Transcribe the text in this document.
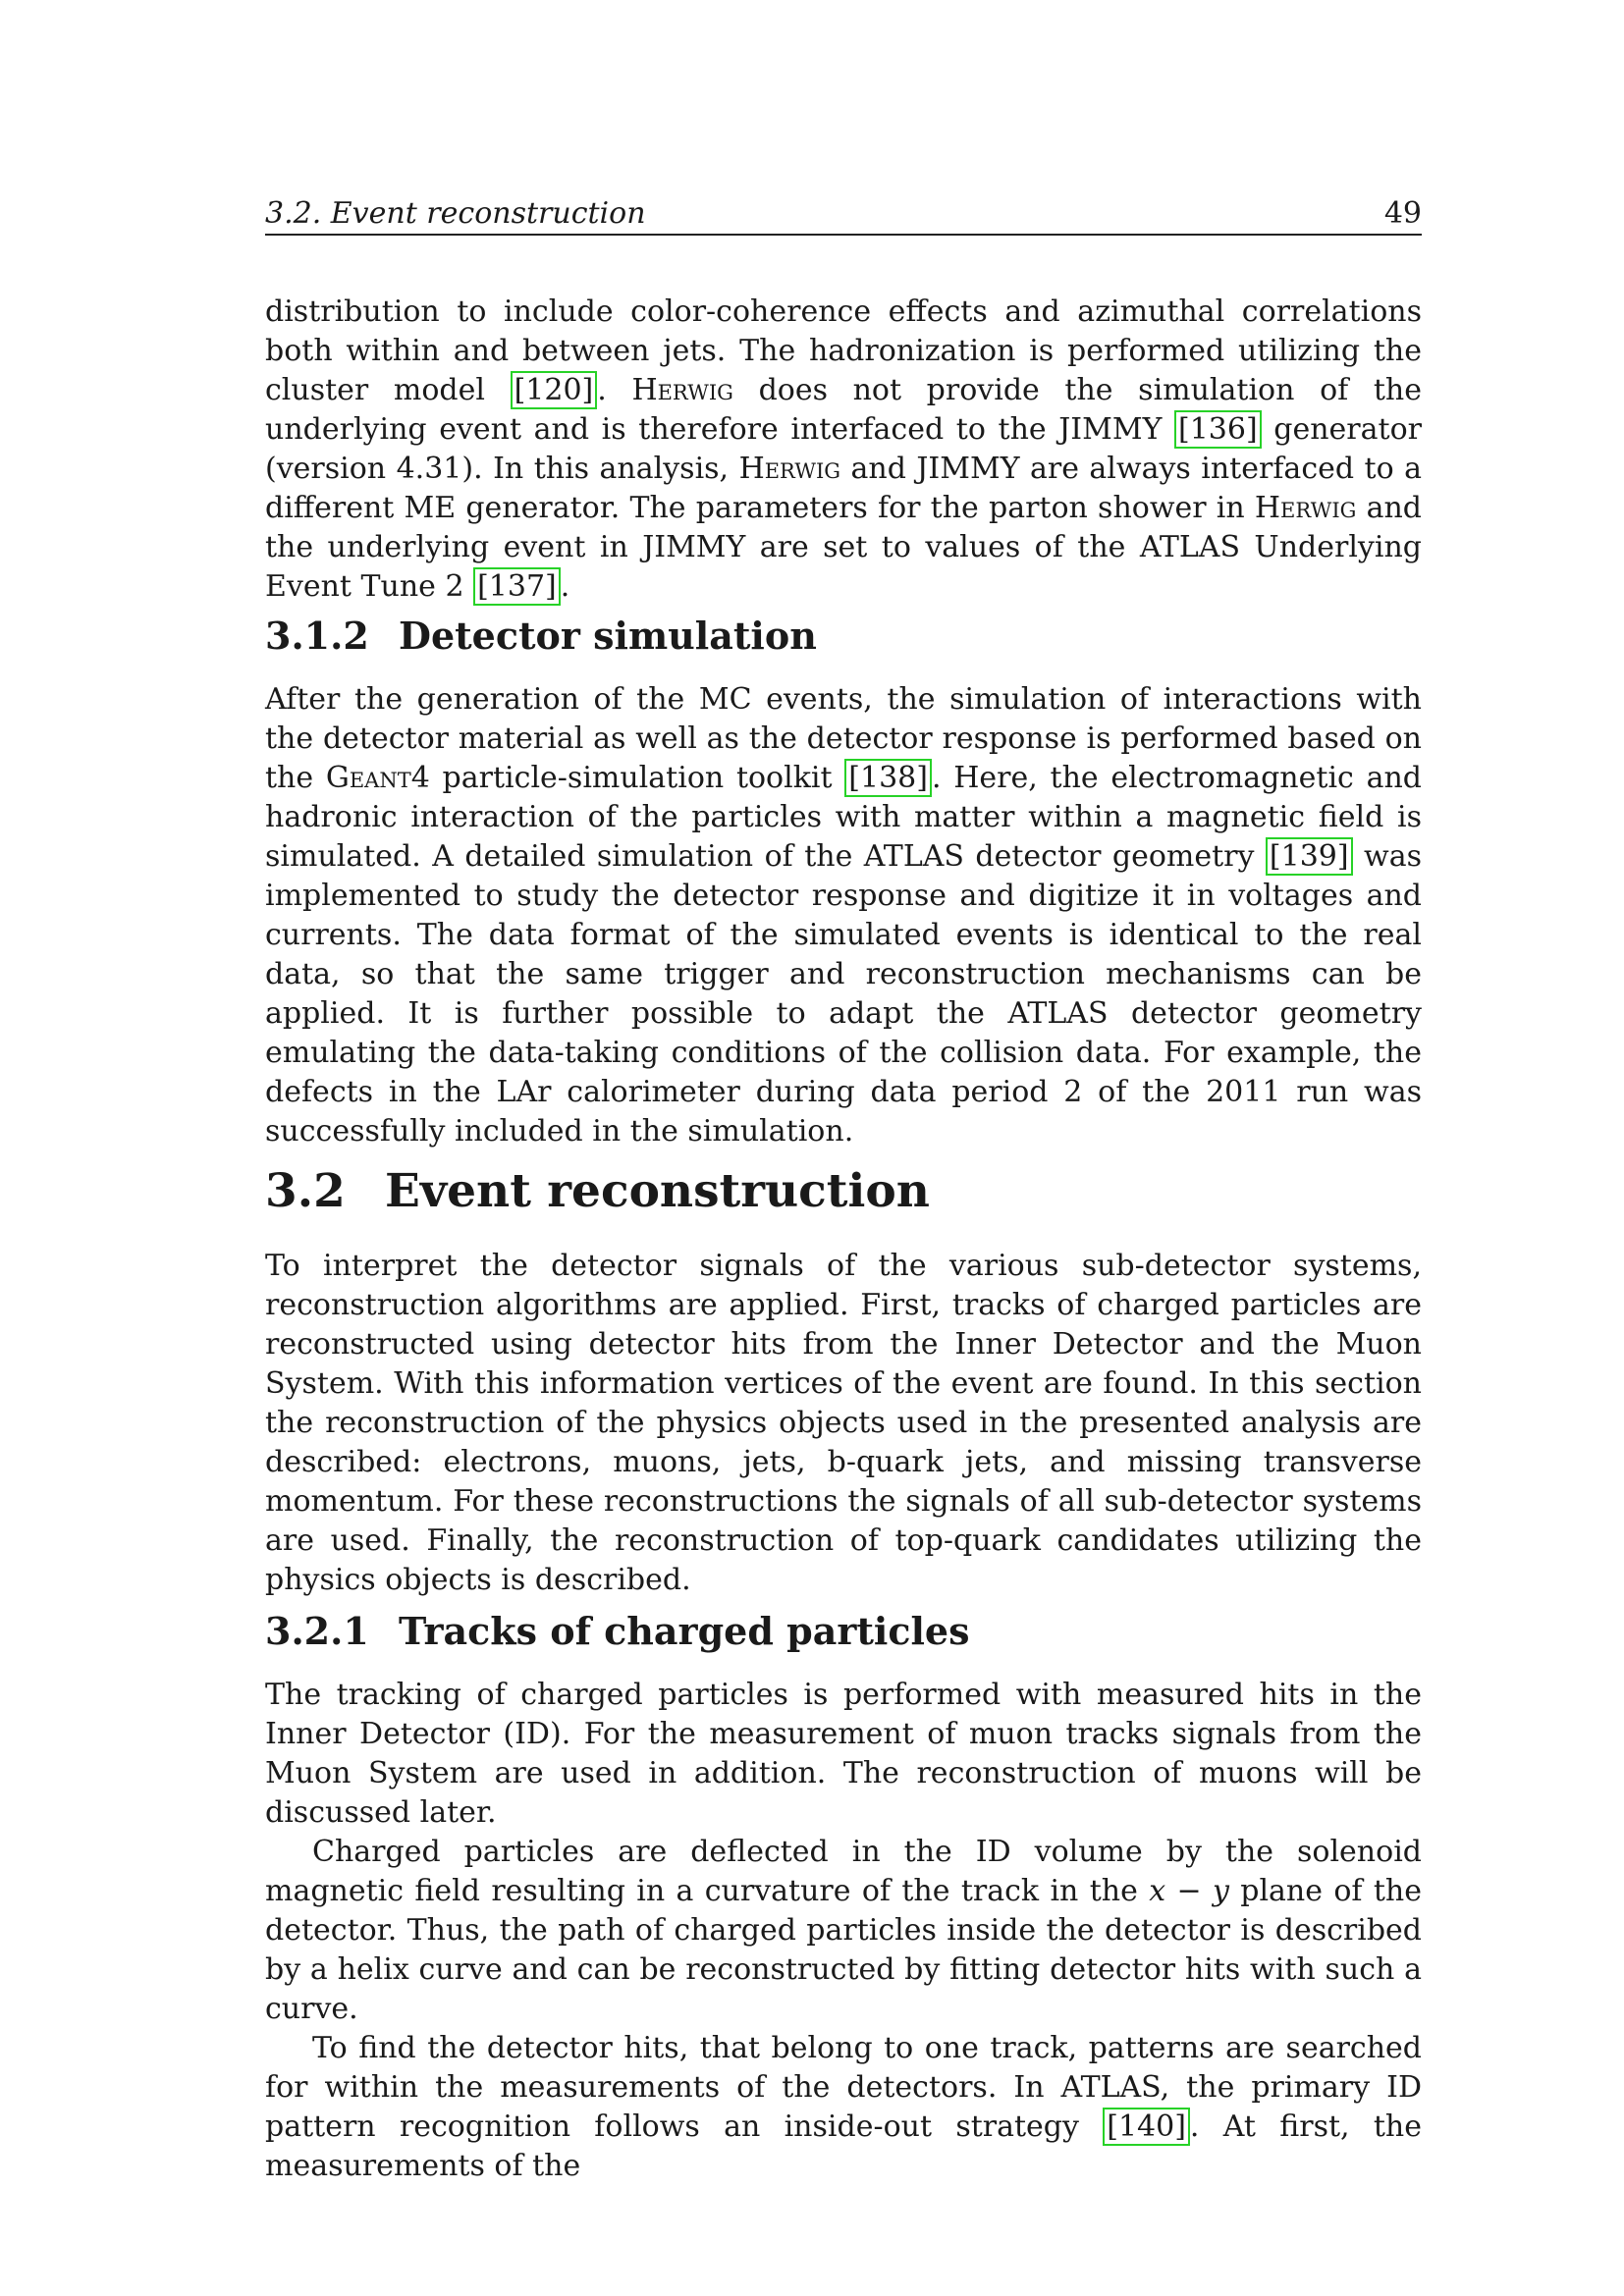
3.2. Event reconstruction	49

distribution to include color-coherence effects and azimuthal correlations both within and between jets. The hadronization is performed utilizing the cluster model [120] . Herwig does not provide the simulation of the underlying event and is therefore interfaced to the JIMMY [136] generator (version 4.31). In this analysis, Herwig and JIMMY are always interfaced to a different ME generator. The parameters for the parton shower in Herwig and the underlying event in JIMMY are set to values of the ATLAS Underlying Event Tune 2 [137] .

3.1.2 Detector simulation

After the generation of the MC events, the simulation of interactions with the detector material as well as the detector response is performed based on the Geant4 particle-simulation toolkit [138] . Here, the electromagnetic and hadronic interaction of the particles with matter within a magnetic field is simulated. A detailed simulation of the ATLAS detector geometry [139] was implemented to study the detector response and digitize it in voltages and currents. The data format of the simulated events is identical to the real data, so that the same trigger and reconstruction mechanisms can be applied. It is further possible to adapt the ATLAS detector geometry emulating the data-taking conditions of the collision data. For example, the defects in the LAr calorimeter during data period 2 of the 2011 run was successfully included in the simulation.

3.2 Event reconstruction

To interpret the detector signals of the various sub-detector systems, reconstruction algorithms are applied. First, tracks of charged particles are reconstructed using detector hits from the Inner Detector and the Muon System. With this information vertices of the event are found. In this section the reconstruction of the physics objects used in the presented analysis are described: electrons, muons, jets, b-quark jets, and missing transverse momentum. For these reconstructions the signals of all sub-detector systems are used. Finally, the reconstruction of top-quark candidates utilizing the physics objects is described.

3.2.1 Tracks of charged particles

The tracking of charged particles is performed with measured hits in the Inner Detector (ID). For the measurement of muon tracks signals from the Muon System are used in addition. The reconstruction of muons will be discussed later.

Charged particles are deflected in the ID volume by the solenoid magnetic field resulting in a curvature of the track in the x − y plane of the detector. Thus, the path of charged particles inside the detector is described by a helix curve and can be reconstructed by fitting detector hits with such a curve.

To find the detector hits, that belong to one track, patterns are searched for within the measurements of the detectors. In ATLAS, the primary ID pattern recognition follows an inside-out strategy [140] . At first, the measurements of the
